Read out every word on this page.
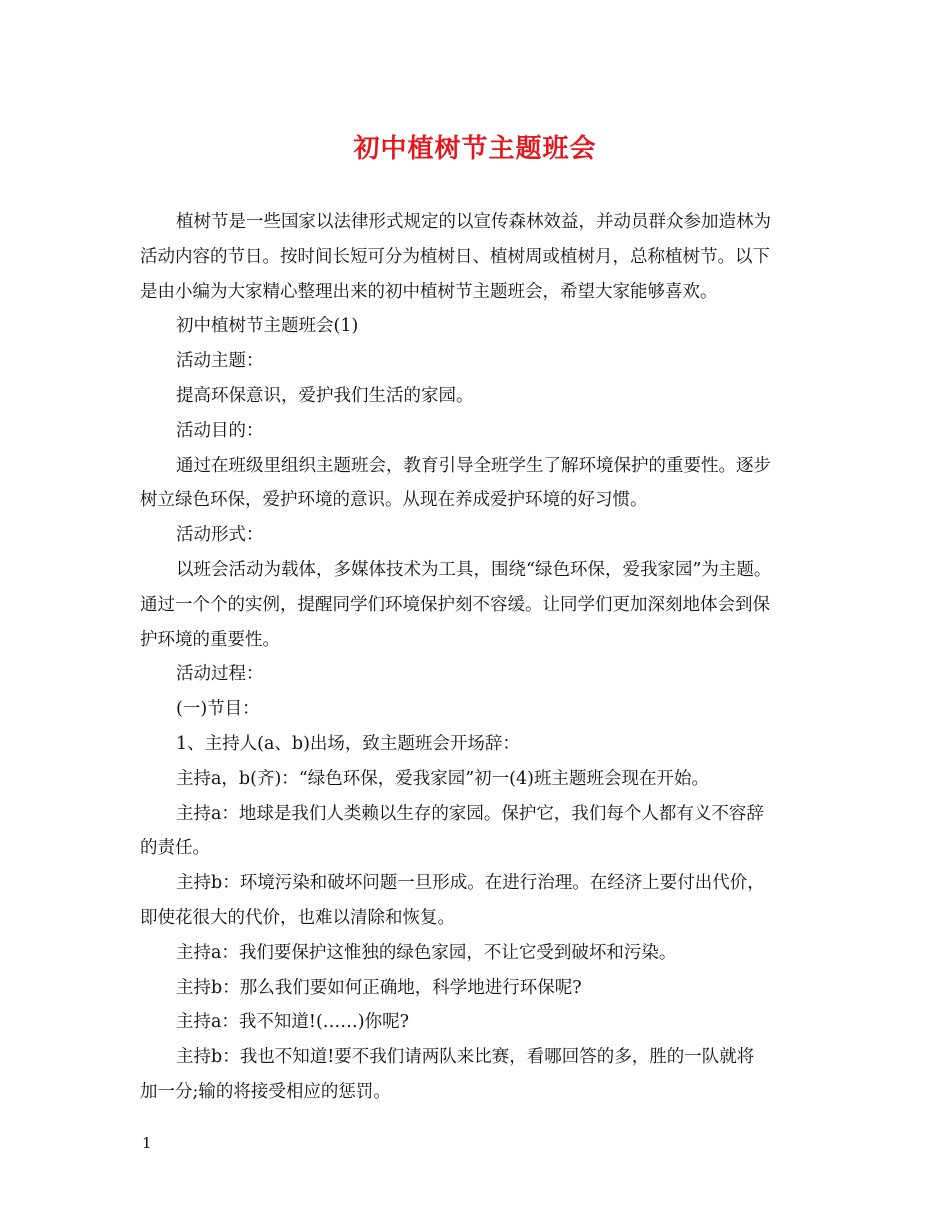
初中植树节主题班会
植树节是一些国家以法律形式规定的以宣传森林效益，并动员群众参加造林为
活动内容的节日。按时间长短可分为植树日、植树周或植树月，总称植树节。以下
是由小编为大家精心整理出来的初中植树节主题班会，希望大家能够喜欢。
初中植树节主题班会(1)
活动主题：
提高环保意识，爱护我们生活的家园。
活动目的：
通过在班级里组织主题班会，教育引导全班学生了解环境保护的重要性。逐步
树立绿色环保，爱护环境的意识。从现在养成爱护环境的好习惯。
活动形式：
以班会活动为载体，多媒体技术为工具，围绕“绿色环保，爱我家园”为主题。
通过一个个的实例，提醒同学们环境保护刻不容缓。让同学们更加深刻地体会到保
护环境的重要性。
活动过程：
(一)节目：
1、主持人(a、b)出场，致主题班会开场辞：
主持a，b(齐)：“绿色环保，爱我家园”初一(4)班主题班会现在开始。
主持a：地球是我们人类赖以生存的家园。保护它，我们每个人都有义不容辞
的责任。
主持b：环境污染和破坏问题一旦形成。在进行治理。在经济上要付出代价，
即使花很大的代价，也难以清除和恢复。
主持a：我们要保护这惟独的绿色家园，不让它受到破坏和污染。
主持b：那么我们要如何正确地，科学地进行环保呢?
主持a：我不知道!(……)你呢?
主持b：我也不知道!要不我们请两队来比赛，看哪回答的多，胜的一队就将
加一分;输的将接受相应的惩罚。
1
